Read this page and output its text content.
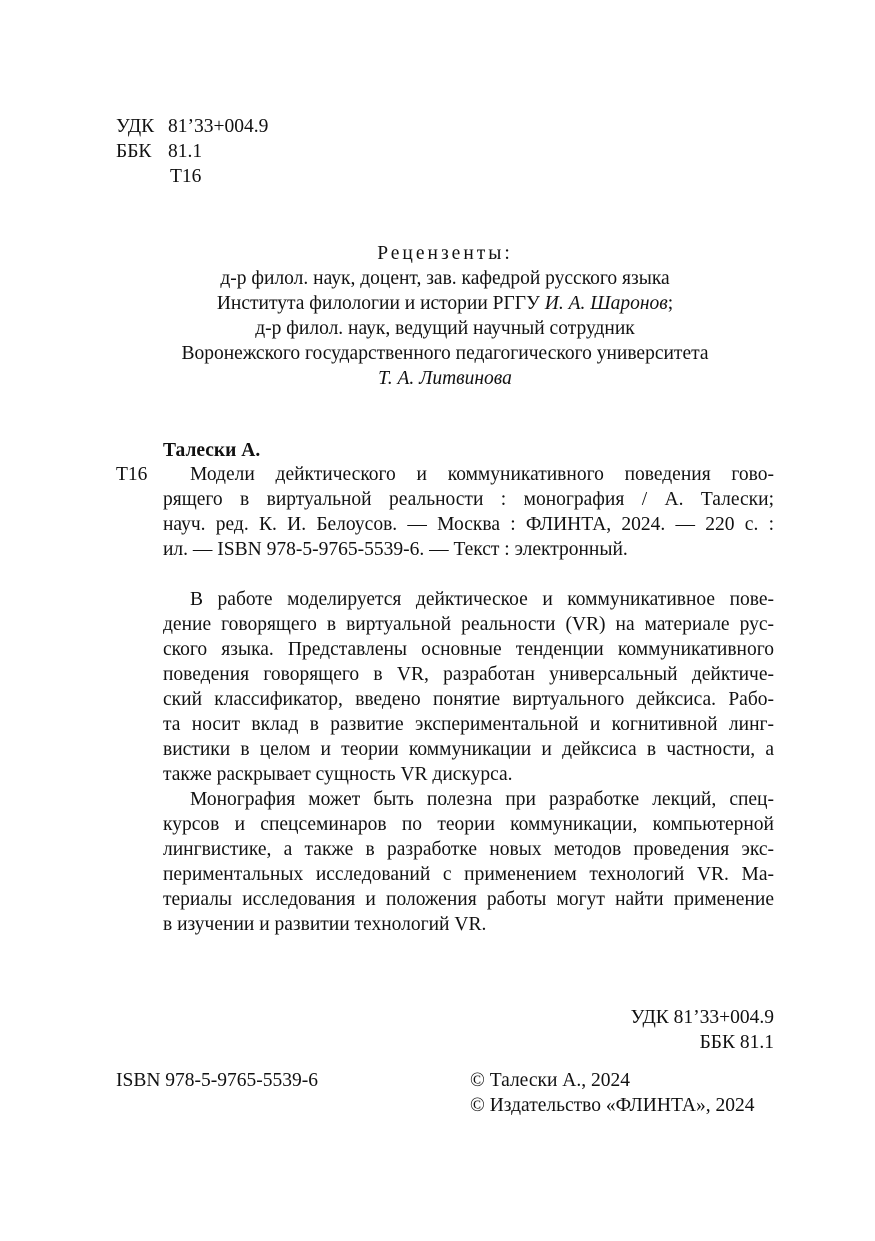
УДК 81’33+004.9
ББК 81.1
Т16
Рецензенты:
д-р филол. наук, доцент, зав. кафедрой русского языка
Института филологии и истории РГГУ И. А. Шаронов;
д-р филол. наук, ведущий научный сотрудник
Воронежского государственного педагогического университета
Т. А. Литвинова
Талески А.
Т16 Модели дейктического и коммуникативного поведения гово-
рящего в виртуальной реальности : монография / А. Талески;
науч. ред. К. И. Белоусов. — Москва : ФЛИНТА, 2024. — 220 с. :
ил. — ISBN 978-5-9765-5539-6. — Текст : электронный.
В работе моделируется дейктическое и коммуникативное пове-
дение говорящего в виртуальной реальности (VR) на материале рус-
ского языка. Представлены основные тенденции коммуникативного
поведения говорящего в VR, разработан универсальный дейктиче-
ский классификатор, введено понятие виртуального дейксиса. Рабо-
та носит вклад в развитие экспериментальной и когнитивной линг-
вистики в целом и теории коммуникации и дейксиса в частности, а
также раскрывает сущность VR дискурса.
Монография может быть полезна при разработке лекций, спец-
курсов и спецсеминаров по теории коммуникации, компьютерной
лингвистике, а также в разработке новых методов проведения экс-
периментальных исследований с применением технологий VR. Ма-
териалы исследования и положения работы могут найти применение
в изучении и развитии технологий VR.
УДК 81’33+004.9
ББК 81.1
ISBN 978-5-9765-5539-6	© Талески А., 2024
© Издательство «ФЛИНТА», 2024
